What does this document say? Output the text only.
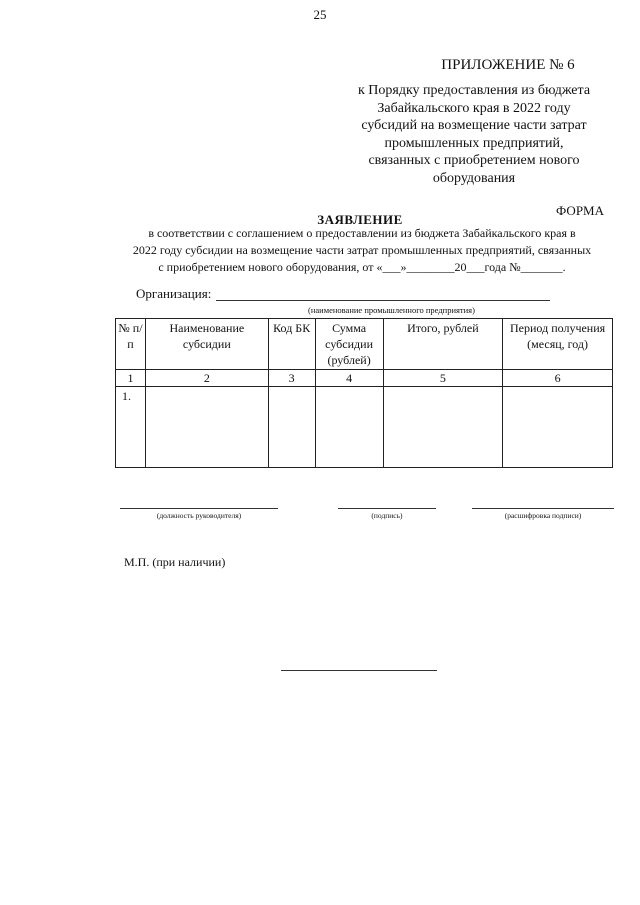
25
ПРИЛОЖЕНИЕ № 6
к Порядку предоставления из бюджета
Забайкальского края в 2022 году
субсидий на возмещение части затрат
промышленных предприятий,
связанных с приобретением нового
оборудования
ФОРМА
ЗАЯВЛЕНИЕ
в соответствии с соглашением о предоставлении из бюджета Забайкальского края в
2022 году субсидии на возмещение части затрат промышленных предприятий, связанных
с приобретением нового оборудования, от «___»________20___года №_______.
Организация:
(наименование промышленного предприятия)
№ п/п	Наименование субсидии	Код БК	Сумма субсидии (рублей)	Итого, рублей	Период получения (месяц, год)
1	2	3	4	5	6
1.					
(должность руководителя)	(подпись)	(расшифровка подписи)
М.П. (при наличии)
